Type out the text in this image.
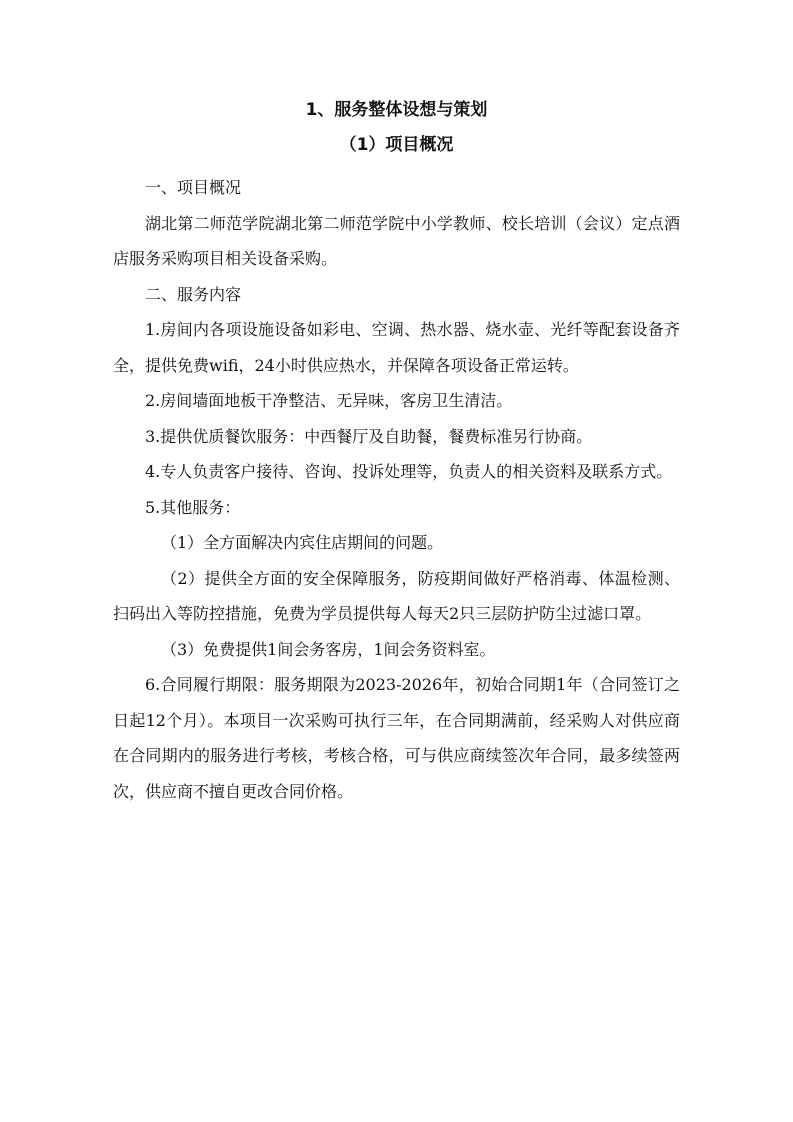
1、服务整体设想与策划
（1）项目概况

一、项目概况

湖北第二师范学院湖北第二师范学院中小学教师、校长培训（会议）定点酒店服务采购项目相关设备采购。

二、服务内容

1.房间内各项设施设备如彩电、空调、热水器、烧水壶、光纤等配套设备齐全，提供免费wifi，24小时供应热水，并保障各项设备正常运转。

2.房间墙面地板干净整洁、无异味，客房卫生清洁。

3.提供优质餐饮服务：中西餐厅及自助餐，餐费标准另行协商。

4.专人负责客户接待、咨询、投诉处理等，负责人的相关资料及联系方式。

5.其他服务：

（1）全方面解决内宾住店期间的问题。

（2）提供全方面的安全保障服务，防疫期间做好严格消毒、体温检测、扫码出入等防控措施，免费为学员提供每人每天2只三层防护防尘过滤口罩。

（3）免费提供1间会务客房，1间会务资料室。

6.合同履行期限：服务期限为2023-2026年，初始合同期1年（合同签订之日起12个月）。本项目一次采购可执行三年，在合同期满前，经采购人对供应商在合同期内的服务进行考核，考核合格，可与供应商续签次年合同，最多续签两次，供应商不擅自更改合同价格。
